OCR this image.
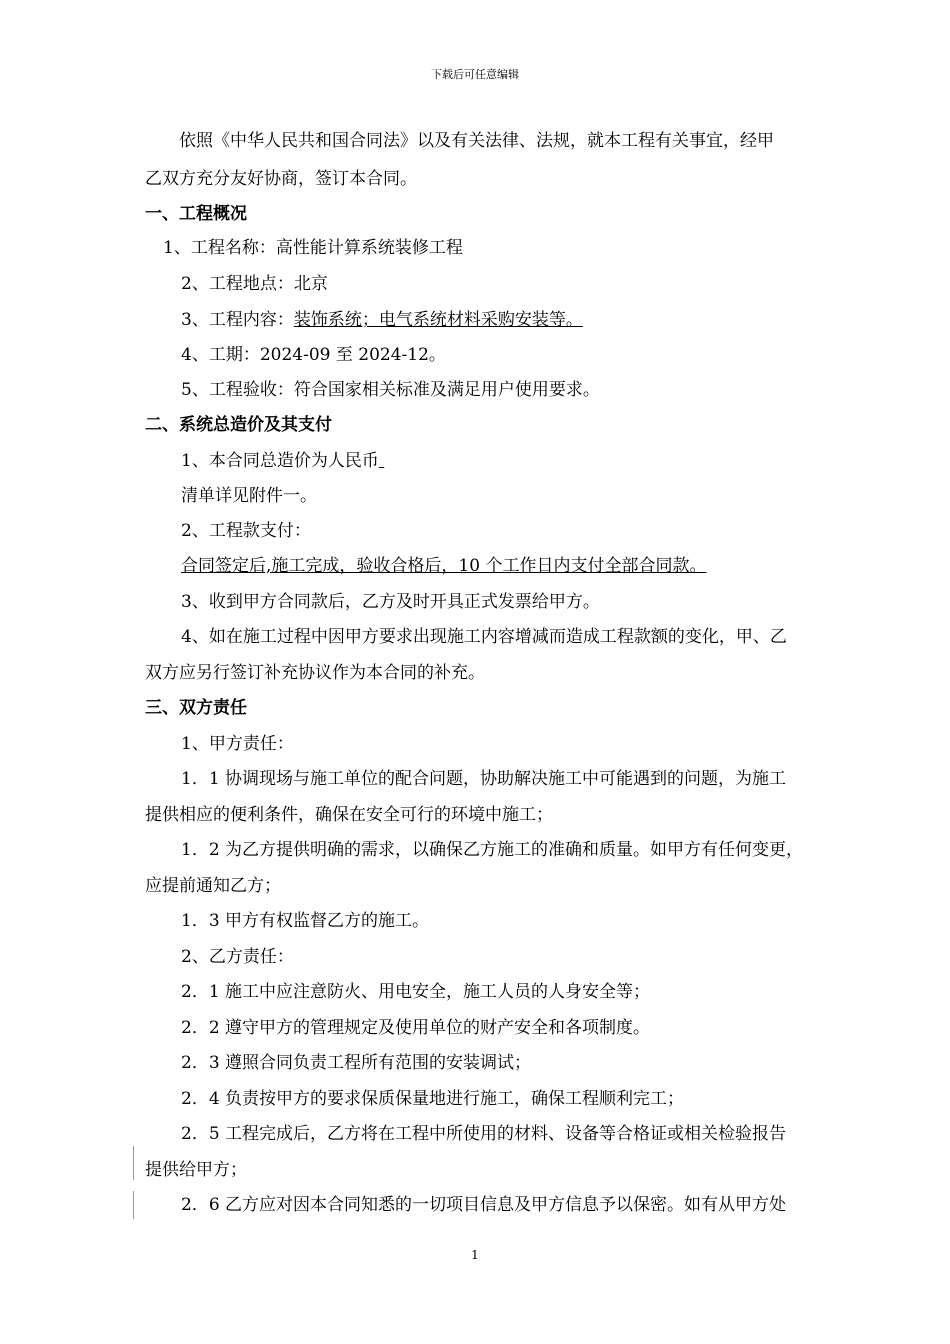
下载后可任意编辑
依照《中华人民共和国合同法》以及有关法律、法规，就本工程有关事宜，经甲
乙双方充分友好协商，签订本合同。
一、工程概况
1、工程名称：高性能计算系统装修工程
2、工程地点：北京
3、工程内容：装饰系统；电气系统材料采购安装等。
4、工期：2024-09 至 2024-12。
5、工程验收：符合国家相关标准及满足用户使用要求。
二、系统总造价及其支付
1、本合同总造价为人民币
清单详见附件一。
2、工程款支付：
合同签定后,施工完成，验收合格后，10 个工作日内支付全部合同款。
3、收到甲方合同款后，乙方及时开具正式发票给甲方。
4、如在施工过程中因甲方要求出现施工内容增减而造成工程款额的变化，甲、乙
双方应另行签订补充协议作为本合同的补充。
三、双方责任
1、甲方责任：
1．1 协调现场与施工单位的配合问题，协助解决施工中可能遇到的问题，为施工
提供相应的便利条件，确保在安全可行的环境中施工；
1．2 为乙方提供明确的需求，以确保乙方施工的准确和质量。如甲方有任何变更，
应提前通知乙方；
1．3 甲方有权监督乙方的施工。
2、乙方责任：
2．1 施工中应注意防火、用电安全，施工人员的人身安全等；
2．2 遵守甲方的管理规定及使用单位的财产安全和各项制度。
2．3 遵照合同负责工程所有范围的安装调试；
2．4 负责按甲方的要求保质保量地进行施工，确保工程顺利完工；
2．5 工程完成后，乙方将在工程中所使用的材料、设备等合格证或相关检验报告
提供给甲方；
2．6 乙方应对因本合同知悉的一切项目信息及甲方信息予以保密。如有从甲方处
1
